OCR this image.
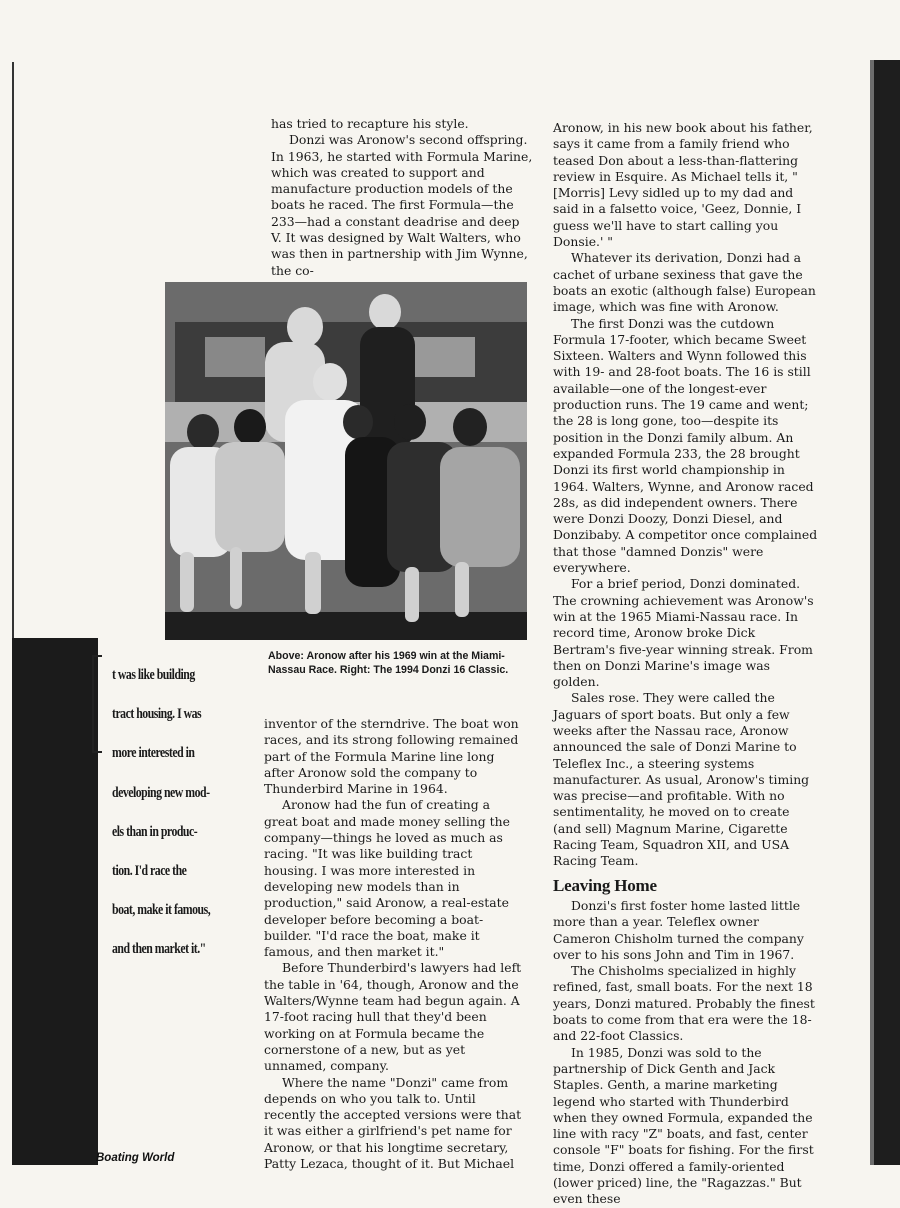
has tried to recapture his style.

Donzi was Aronow's second offspring. In 1963, he started with Formula Marine, which was created to support and manufacture production models of the boats he raced. The first Formula—the 233—had a constant deadrise and deep V. It was designed by Walt Walters, who was then in partnership with Jim Wynne, the co-

Above: Aronow after his 1969 win at the Miami-Nassau Race. Right: The 1994 Donzi 16 Classic.
t was like building
tract housing. I was
more interested in
developing new mod-
els than in produc-
tion. I'd race the
boat, make it famous,
and then market it."

inventor of the sterndrive. The boat won races, and its strong following remained part of the Formula Marine line long after Aronow sold the company to Thunderbird Marine in 1964.

Aronow had the fun of creating a great boat and made money selling the company—things he loved as much as racing. "It was like building tract housing. I was more interested in developing new models than in production," said Aronow, a real-estate developer before becoming a boat-builder. "I'd race the boat, make it famous, and then market it."

Before Thunderbird's lawyers had left the table in '64, though, Aronow and the Walters/Wynne team had begun again. A 17-foot racing hull that they'd been working on at Formula became the cornerstone of a new, but as yet unnamed, company.

Where the name "Donzi" came from depends on who you talk to. Until recently the accepted versions were that it was either a girlfriend's pet name for Aronow, or that his longtime secretary, Patty Lezaca, thought of it. But Michael

Aronow, in his new book about his father, says it came from a family friend who teased Don about a less-than-flattering review in Esquire. As Michael tells it, "[Morris] Levy sidled up to my dad and said in a falsetto voice, 'Geez, Donnie, I guess we'll have to start calling you Donsie.' "

Whatever its derivation, Donzi had a cachet of urbane sexiness that gave the boats an exotic (although false) European image, which was fine with Aronow.

The first Donzi was the cutdown Formula 17-footer, which became Sweet Sixteen. Walters and Wynn followed this with 19- and 28-foot boats. The 16 is still available—one of the longest-ever production runs. The 19 came and went; the 28 is long gone, too—despite its position in the Donzi family album. An expanded Formula 233, the 28 brought Donzi its first world championship in 1964. Walters, Wynne, and Aronow raced 28s, as did independent owners. There were Donzi Doozy, Donzi Diesel, and Donzibaby. A competitor once complained that those "damned Donzis" were everywhere.

For a brief period, Donzi dominated. The crowning achievement was Aronow's win at the 1965 Miami-Nassau race. In record time, Aronow broke Dick Bertram's five-year winning streak. From then on Donzi Marine's image was golden.

Sales rose. They were called the Jaguars of sport boats. But only a few weeks after the Nassau race, Aronow announced the sale of Donzi Marine to Teleflex Inc., a steering systems manufacturer. As usual, Aronow's timing was precise—and profitable. With no sentimentality, he moved on to create (and sell) Magnum Marine, Cigarette Racing Team, Squadron XII, and USA Racing Team.

Leaving Home

Donzi's first foster home lasted little more than a year. Teleflex owner Cameron Chisholm turned the company over to his sons John and Tim in 1967.

The Chisholms specialized in highly refined, fast, small boats. For the next 18 years, Donzi matured. Probably the finest boats to come from that era were the 18- and 22-foot Classics.

In 1985, Donzi was sold to the partnership of Dick Genth and Jack Staples. Genth, a marine marketing legend who started with Thunderbird when they owned Formula, expanded the line with racy "Z" boats, and fast, center console "F" boats for fishing. For the first time, Donzi offered a family-oriented (lower priced) line, the "Ragazzas." But even these

Boating World
